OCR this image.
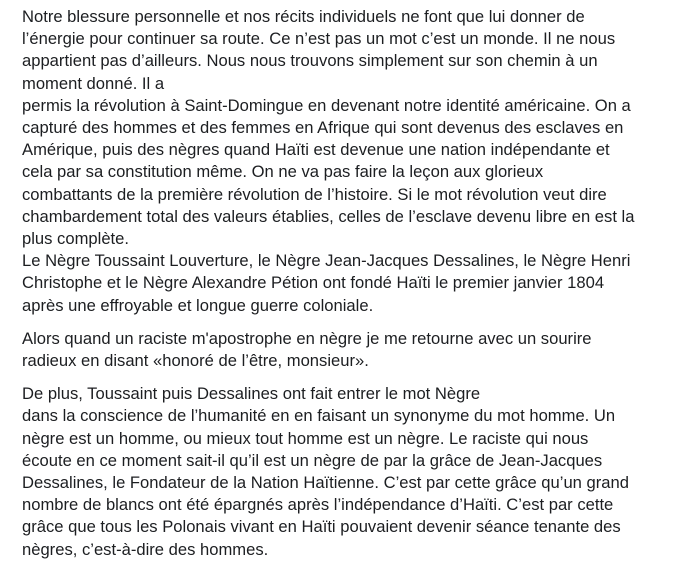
Notre blessure personnelle et nos récits individuels ne font que lui donner de
l’énergie pour continuer sa route. Ce n’est pas un mot c’est un monde. Il ne nous
appartient pas d’ailleurs. Nous nous trouvons simplement sur son chemin à un
moment donné. Il a
permis la révolution à Saint-Domingue en devenant notre identité américaine. On a
capturé des hommes et des femmes en Afrique qui sont devenus des esclaves en
Amérique, puis des nègres quand Haïti est devenue une nation indépendante et
cela par sa constitution même. On ne va pas faire la leçon aux glorieux
combattants de la première révolution de l’histoire. Si le mot révolution veut dire
chambardement total des valeurs établies, celles de l’esclave devenu libre en est la
plus complète.
Le Nègre Toussaint Louverture, le Nègre Jean-Jacques Dessalines, le Nègre Henri
Christophe et le Nègre Alexandre Pétion ont fondé Haïti le premier janvier 1804
après une effroyable et longue guerre coloniale.

Alors quand un raciste m'apostrophe en nègre je me retourne avec un sourire
radieux en disant «honoré de l’être, monsieur».

De plus, Toussaint puis Dessalines ont fait entrer le mot Nègre
dans la conscience de l’humanité en en faisant un synonyme du mot homme. Un
nègre est un homme, ou mieux tout homme est un nègre. Le raciste qui nous
écoute en ce moment sait-il qu’il est un nègre de par la grâce de Jean-Jacques
Dessalines, le Fondateur de la Nation Haïtienne. C’est par cette grâce qu’un grand
nombre de blancs ont été épargnés après l’indépendance d’Haïti. C’est par cette
grâce que tous les Polonais vivant en Haïti pouvaient devenir séance tenante des
nègres, c’est-à-dire des hommes.
